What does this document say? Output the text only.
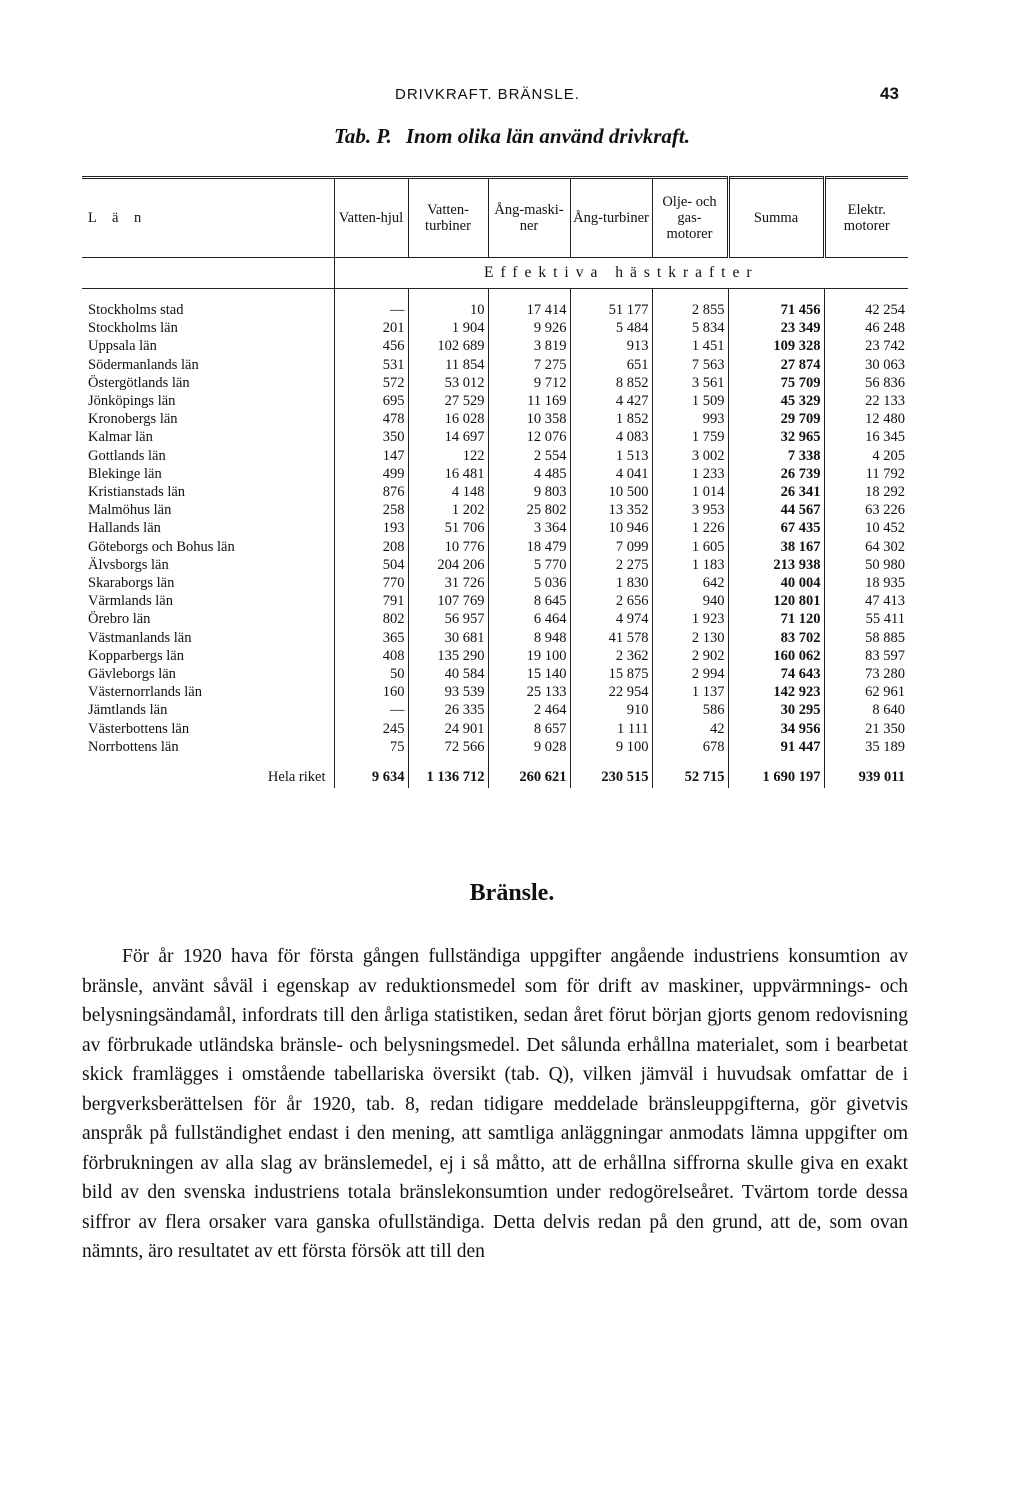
DRIVKRAFT. BRÄNSLE.	43
Tab. P. Inom olika län använd drivkraft.
L ä n	Vatten-hjul	Vatten-turbiner	Ång-maski-ner	Ång-turbiner	Olje- och gas-motorer	Summa	Elektr. motorer
	Effektiva hästkrafter						
Stockholms stad	—	10	17 414	51 177	2 855	71 456	42 254
Stockholms län	201	1 904	9 926	5 484	5 834	23 349	46 248
Uppsala län	456	102 689	3 819	913	1 451	109 328	23 742
Södermanlands län	531	11 854	7 275	651	7 563	27 874	30 063
Östergötlands län	572	53 012	9 712	8 852	3 561	75 709	56 836
Jönköpings län	695	27 529	11 169	4 427	1 509	45 329	22 133
Kronobergs län	478	16 028	10 358	1 852	993	29 709	12 480
Kalmar län	350	14 697	12 076	4 083	1 759	32 965	16 345
Gottlands län	147	122	2 554	1 513	3 002	7 338	4 205
Blekinge län	499	16 481	4 485	4 041	1 233	26 739	11 792
Kristianstads län	876	4 148	9 803	10 500	1 014	26 341	18 292
Malmöhus län	258	1 202	25 802	13 352	3 953	44 567	63 226
Hallands län	193	51 706	3 364	10 946	1 226	67 435	10 452
Göteborgs och Bohus län	208	10 776	18 479	7 099	1 605	38 167	64 302
Älvsborgs län	504	204 206	5 770	2 275	1 183	213 938	50 980
Skaraborgs län	770	31 726	5 036	1 830	642	40 004	18 935
Värmlands län	791	107 769	8 645	2 656	940	120 801	47 413
Örebro län	802	56 957	6 464	4 974	1 923	71 120	55 411
Västmanlands län	365	30 681	8 948	41 578	2 130	83 702	58 885
Kopparbergs län	408	135 290	19 100	2 362	2 902	160 062	83 597
Gävleborgs län	50	40 584	15 140	15 875	2 994	74 643	73 280
Västernorrlands län	160	93 539	25 133	22 954	1 137	142 923	62 961
Jämtlands län	—	26 335	2 464	910	586	30 295	8 640
Västerbottens län	245	24 901	8 657	1 111	42	34 956	21 350
Norrbottens län	75	72 566	9 028	9 100	678	91 447	35 189
Hela riket	9 634	1 136 712	260 621	230 515	52 715	1 690 197	939 011
Bränsle.
För år 1920 hava för första gången fullständiga uppgifter angående industriens konsumtion av bränsle, använt såväl i egenskap av reduktionsmedel som för drift av maskiner, uppvärmnings- och belysningsändamål, infordrats till den årliga statistiken, sedan året förut början gjorts genom redovisning av förbrukade utländska bränsle- och belysningsmedel. Det sålunda erhållna materialet, som i bearbetat skick framlägges i omstående tabellariska översikt (tab. Q), vilken jämväl i huvudsak omfattar de i bergverksberättelsen för år 1920, tab. 8, redan tidigare meddelade bränsleuppgifterna, gör givetvis anspråk på fullständighet endast i den mening, att samtliga anläggningar anmodats lämna uppgifter om förbrukningen av alla slag av bränslemedel, ej i så måtto, att de erhållna siffrorna skulle giva en exakt bild av den svenska industriens totala bränslekonsumtion under redogörelseåret. Tvärtom torde dessa siffror av flera orsaker vara ganska ofullständiga. Detta delvis redan på den grund, att de, som ovan nämnts, äro resultatet av ett första försök att till den
